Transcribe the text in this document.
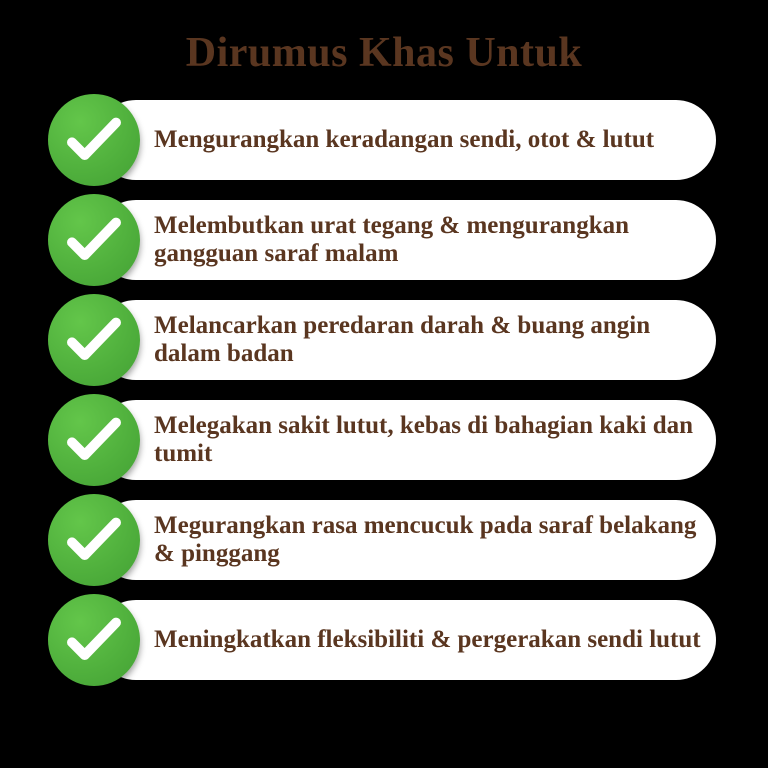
Dirumus Khas Untuk
Mengurangkan keradangan sendi, otot & lutut
Melembutkan urat tegang & mengurangkan gangguan saraf malam
Melancarkan peredaran darah & buang angin dalam badan
Melegakan sakit lutut, kebas di bahagian kaki dan tumit
Megurangkan rasa mencucuk pada saraf belakang & pinggang
Meningkatkan fleksibiliti & pergerakan sendi lutut
